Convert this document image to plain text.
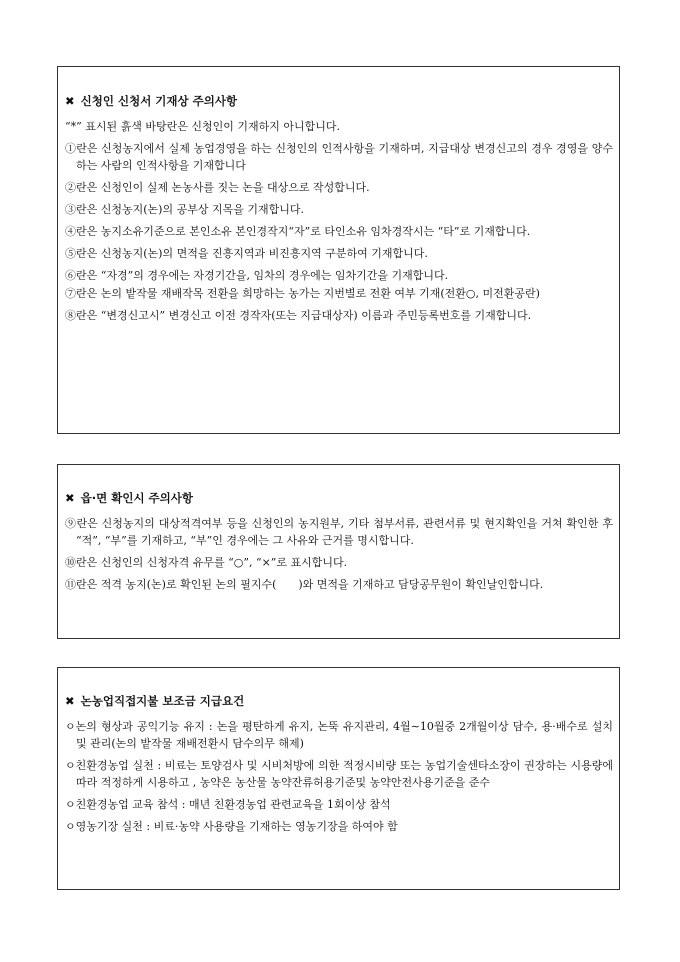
✖ 신청인 신청서 기재상 주의사항
“*” 표시된 흙색 바탕란은 신청인이 기재하지 아니합니다.
①란은 신청농지에서 실제 농업경영을 하는 신청인의 인적사항을 기재하며, 지급대상 변경신고의 경우 경영을 양수하는 사람의 인적사항을 기재합니다
②란은 신청인이 실제 논농사를 짓는 논을 대상으로 작성합니다.
③란은 신청농지(논)의 공부상 지목을 기재합니다.
④란은 농지소유기준으로 본인소유 본인경작지“자”로 타인소유 임차경작시는 “타”로 기재합니다.
⑤란은 신청농지(논)의 면적을 진흥지역과 비진흥지역 구분하여 기재합니다.
⑥란은 “자경”의 경우에는 자경기간을, 임차의 경우에는 임차기간을 기재합니다.
⑦란은 논의 밭작물 재배작목 전환을 희망하는 농가는 지번별로 전환 여부 기재(전환○, 미전환공란)
⑧란은 “변경신고시” 변경신고 이전 경작자(또는 지급대상자) 이름과 주민등록번호를 기재합니다.
✖ 읍·면 확인시 주의사항
⑨란은 신청농지의 대상적격여부 등을 신청인의 농지원부, 기타 첨부서류, 관련서류 및 현지확인을 거쳐 확인한 후 “적”, “부”를 기재하고, “부”인 경우에는 그 사유와 근거를 명시합니다.
⑩란은 신청인의 신청자격 유무를 “○”, “×”로 표시합니다.
⑪란은 적격 농지(논)로 확인된 논의 필지수(　　)와 면적을 기재하고 담당공무원이 확인날인합니다.
✖ 논농업직접지불 보조금 지급요건
ㅇ논의 형상과 공익기능 유지 : 논을 평탄하게 유지, 논뚝 유지관리, 4월∼10월중 2개월이상 담수, 용·배수로 설치 및 관리(논의 밭작물 재배전환시 담수의무 해제)
ㅇ친환경농업 실천 : 비료는 토양검사 및 시비처방에 의한 적정시비량 또는 농업기술센타소장이 권장하는 시용량에 따라 적정하게 시용하고 , 농약은 농산물 농약잔류허용기준및 농약안전사용기준을 준수
ㅇ친환경농업 교육 참석 : 매년 친환경농업 관련교육을 1회이상 참석
ㅇ영농기장 실천 : 비료·농약 사용량을 기재하는 영농기장을 하여야 함
